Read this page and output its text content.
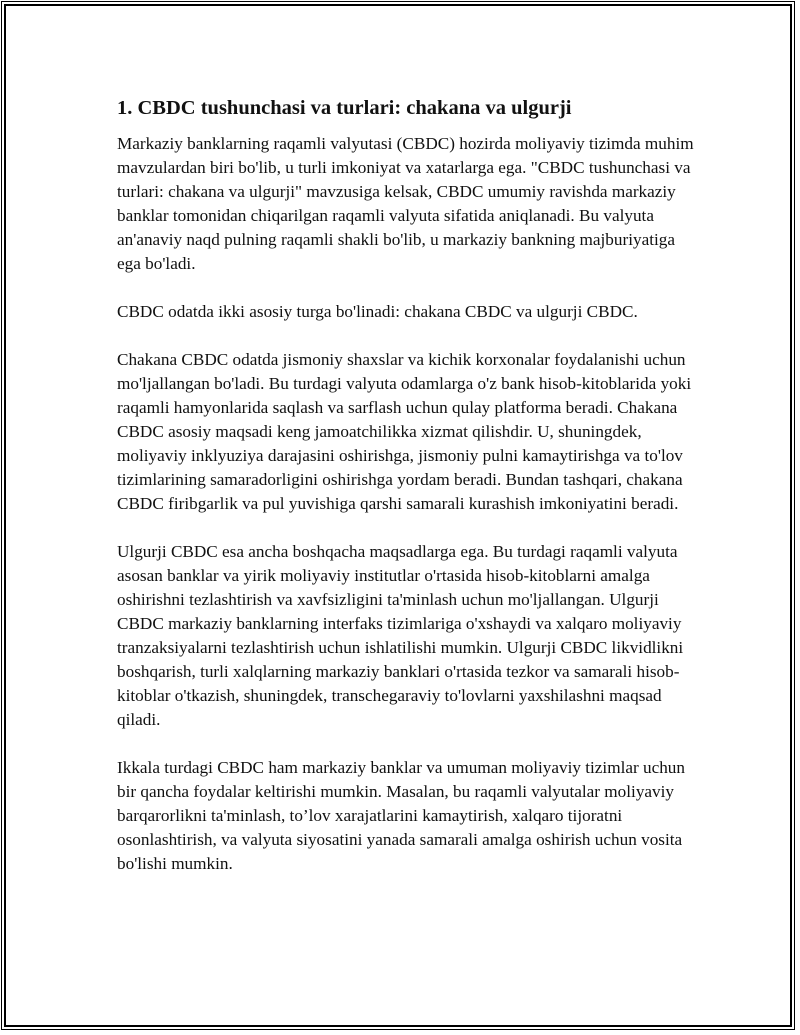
1. CBDC tushunchasi va turlari: chakana va ulgurji

Markaziy banklarning raqamli valyutasi (CBDC) hozirda moliyaviy tizimda muhim mavzulardan biri bo'lib, u turli imkoniyat va xatarlarga ega. "CBDC tushunchasi va turlari: chakana va ulgurji" mavzusiga kelsak, CBDC umumiy ravishda markaziy banklar tomonidan chiqarilgan raqamli valyuta sifatida aniqlanadi. Bu valyuta an'anaviy naqd pulning raqamli shakli bo'lib, u markaziy bankning majburiyatiga ega bo'ladi.

CBDC odatda ikki asosiy turga bo'linadi: chakana CBDC va ulgurji CBDC.

Chakana CBDC odatda jismoniy shaxslar va kichik korxonalar foydalanishi uchun mo'ljallangan bo'ladi. Bu turdagi valyuta odamlarga o'z bank hisob-kitoblarida yoki raqamli hamyonlarida saqlash va sarflash uchun qulay platforma beradi. Chakana CBDC asosiy maqsadi keng jamoatchilikka xizmat qilishdir. U, shuningdek, moliyaviy inklyuziya darajasini oshirishga, jismoniy pulni kamaytirishga va to'lov tizimlarining samaradorligini oshirishga yordam beradi. Bundan tashqari, chakana CBDC firibgarlik va pul yuvishiga qarshi samarali kurashish imkoniyatini beradi.

Ulgurji CBDC esa ancha boshqacha maqsadlarga ega. Bu turdagi raqamli valyuta asosan banklar va yirik moliyaviy institutlar o'rtasida hisob-kitoblarni amalga oshirishni tezlashtirish va xavfsizligini ta'minlash uchun mo'ljallangan. Ulgurji CBDC markaziy banklarning interfaks tizimlariga o'xshaydi va xalqaro moliyaviy tranzaksiyalarni tezlashtirish uchun ishlatilishi mumkin. Ulgurji CBDC likvidlikni boshqarish, turli xalqlarning markaziy banklari o'rtasida tezkor va samarali hisob-kitoblar o'tkazish, shuningdek, transchegaraviy to'lovlarni yaxshilashni maqsad qiladi.

Ikkala turdagi CBDC ham markaziy banklar va umuman moliyaviy tizimlar uchun bir qancha foydalar keltirishi mumkin. Masalan, bu raqamli valyutalar moliyaviy barqarorlikni ta'minlash, to’lov xarajatlarini kamaytirish, xalqaro tijoratni osonlashtirish, va valyuta siyosatini yanada samarali amalga oshirish uchun vosita bo'lishi mumkin.
